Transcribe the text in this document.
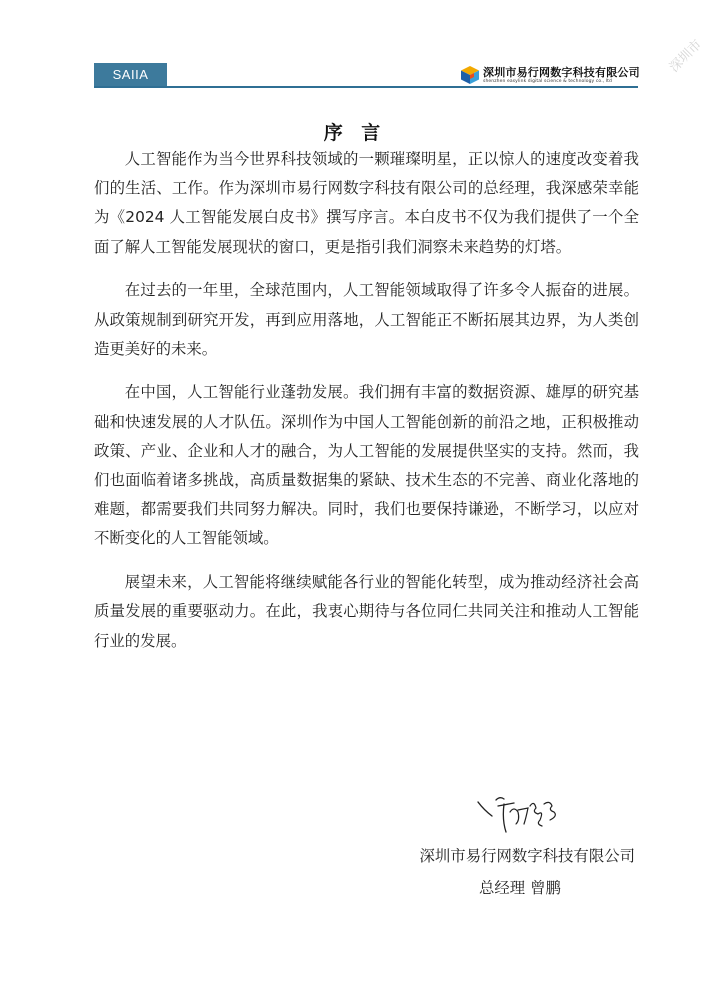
SAIIA	深圳市易行网数字科技有限公司
shenzhen easylink digital science & technology co., ltd
深圳市
序 言

人工智能作为当今世界科技领域的一颗璀璨明星，正以惊人的速度改变着我们的生活、工作。作为深圳市易行网数字科技有限公司的总经理，我深感荣幸能为《2024 人工智能发展白皮书》撰写序言。本白皮书不仅为我们提供了一个全面了解人工智能发展现状的窗口，更是指引我们洞察未来趋势的灯塔。

在过去的一年里，全球范围内，人工智能领域取得了许多令人振奋的进展。从政策规制到研究开发，再到应用落地，人工智能正不断拓展其边界，为人类创造更美好的未来。

在中国，人工智能行业蓬勃发展。我们拥有丰富的数据资源、雄厚的研究基础和快速发展的人才队伍。深圳作为中国人工智能创新的前沿之地，正积极推动政策、产业、企业和人才的融合，为人工智能的发展提供坚实的支持。然而，我们也面临着诸多挑战，高质量数据集的紧缺、技术生态的不完善、商业化落地的难题，都需要我们共同努力解决。同时，我们也要保持谦逊，不断学习，以应对不断变化的人工智能领域。

展望未来，人工智能将继续赋能各行业的智能化转型，成为推动经济社会高质量发展的重要驱动力。在此，我衷心期待与各位同仁共同关注和推动人工智能行业的发展。

深圳市易行网数字科技有限公司
总经理 曾鹏
